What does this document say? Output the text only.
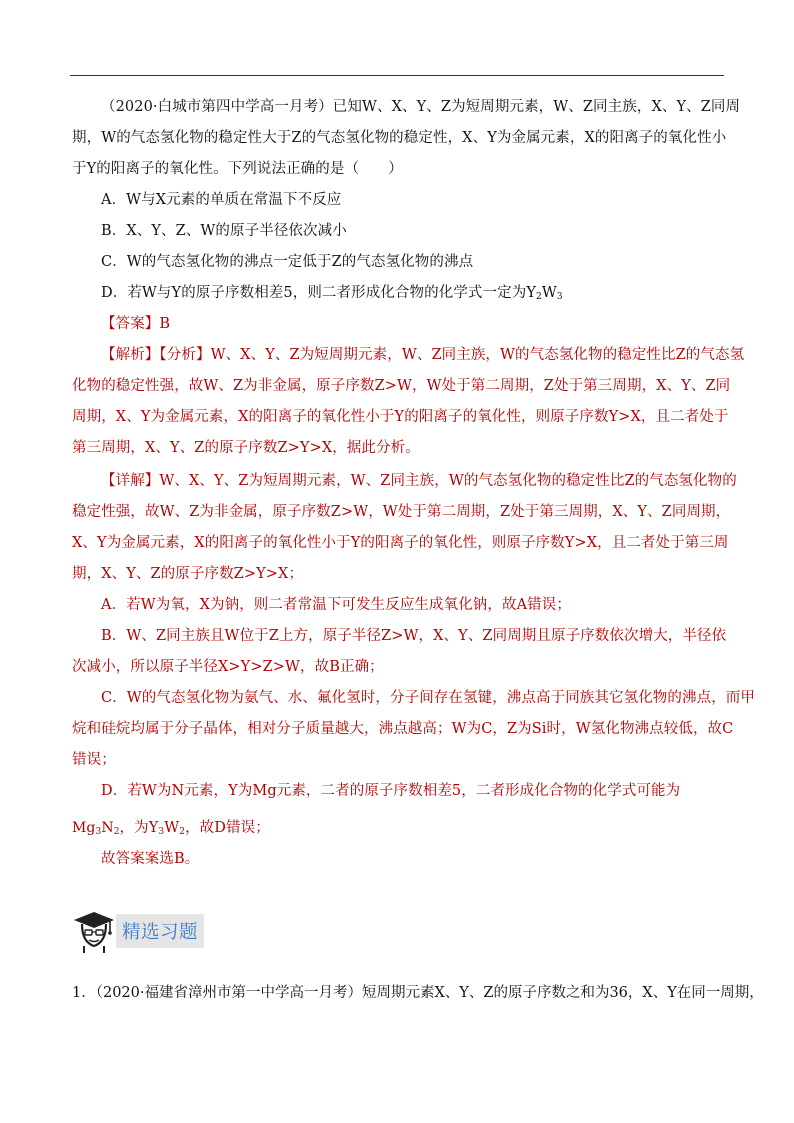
（2020·白城市第四中学高一月考）已知W、X、Y、Z为短周期元素，W、Z同主族，X、Y、Z同周

期，W的气态氢化物的稳定性大于Z的气态氢化物的稳定性，X、Y为金属元素，X的阳离子的氧化性小

于Y的阳离子的氧化性。下列说法正确的是（　　）

A．W与X元素的单质在常温下不反应

B．X、Y、Z、W的原子半径依次减小

C．W的气态氢化物的沸点一定低于Z的气态氢化物的沸点

D．若W与Y的原子序数相差5，则二者形成化合物的化学式一定为$Y_2W_3$

【答案】B

【解析】【分析】W、X、Y、Z为短周期元素，W、Z同主族，W的气态氢化物的稳定性比Z的气态氢

化物的稳定性强，故W、Z为非金属，原子序数Z>W，W处于第二周期，Z处于第三周期，X、Y、Z同

周期，X、Y为金属元素，X的阳离子的氧化性小于Y的阳离子的氧化性，则原子序数Y>X，且二者处于

第三周期，X、Y、Z的原子序数Z>Y>X，据此分析。

【详解】W、X、Y、Z为短周期元素，W、Z同主族，W的气态氢化物的稳定性比Z的气态氢化物的

稳定性强，故W、Z为非金属，原子序数Z>W，W处于第二周期，Z处于第三周期，X、Y、Z同周期，

X、Y为金属元素，X的阳离子的氧化性小于Y的阳离子的氧化性，则原子序数Y>X，且二者处于第三周

期，X、Y、Z的原子序数Z>Y>X；

A．若W为氧，X为钠，则二者常温下可发生反应生成氧化钠，故A错误；

B．W、Z同主族且W位于Z上方，原子半径Z>W，X、Y、Z同周期且原子序数依次增大，半径依

次减小，所以原子半径X>Y>Z>W，故B正确；

C．W的气态氢化物为氨气、水、氟化氢时，分子间存在氢键，沸点高于同族其它氢化物的沸点，而甲

烷和硅烷均属于分子晶体，相对分子质量越大，沸点越高；W为C，Z为Si时，W氢化物沸点较低，故C

错误；

D．若W为N元素，Y为Mg元素，二者的原子序数相差5，二者形成化合物的化学式可能为

$Mg_3N_2$，为$Y_3W_2$，故D错误；

故答案案选B。

精选习题
1．（2020·福建省漳州市第一中学高一月考）短周期元素X、Y、Z的原子序数之和为36，X、Y在同一周期，
